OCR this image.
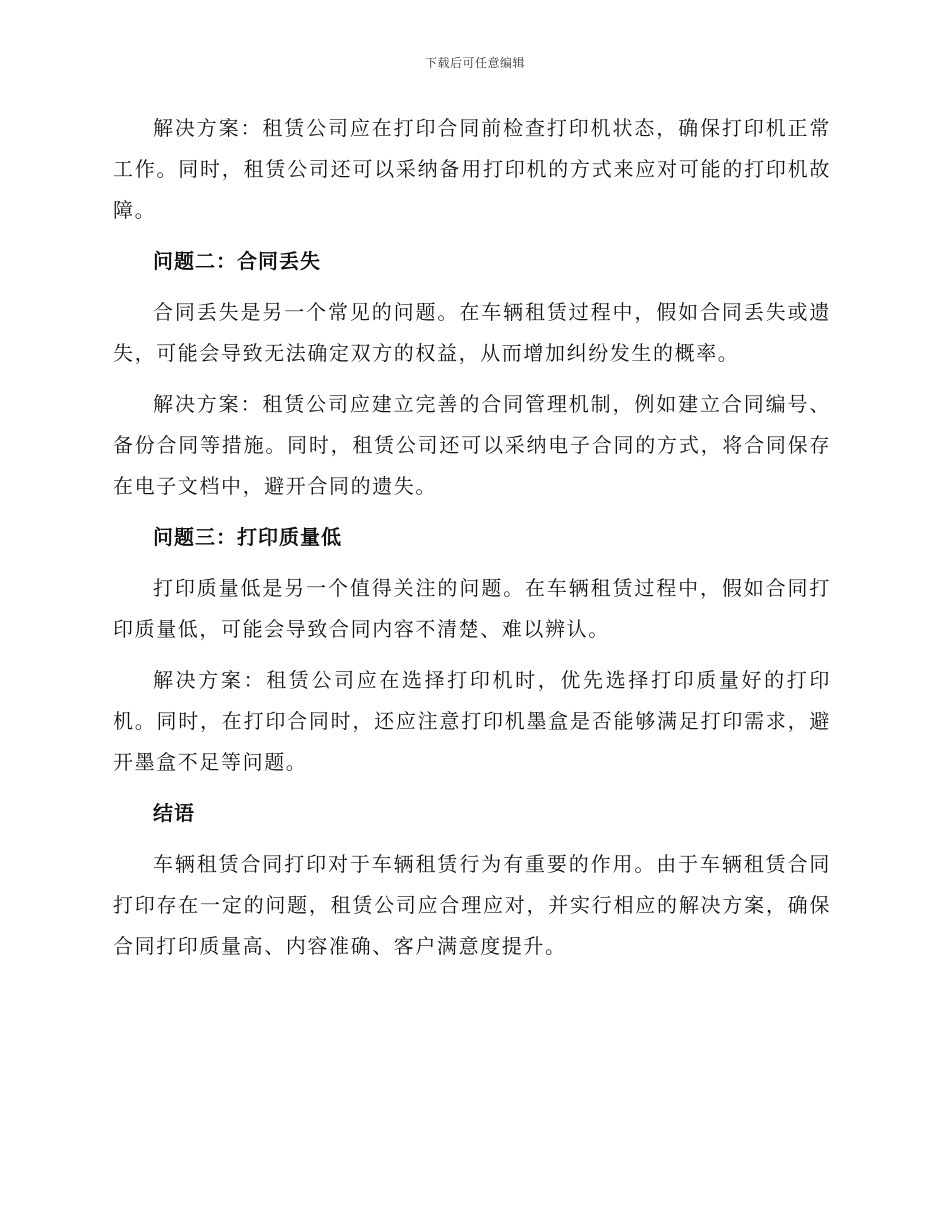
下载后可任意编辑

解决方案：租赁公司应在打印合同前检查打印机状态，确保打印机正常工作。同时，租赁公司还可以采纳备用打印机的方式来应对可能的打印机故障。

问题二：合同丢失

合同丢失是另一个常见的问题。在车辆租赁过程中，假如合同丢失或遗失，可能会导致无法确定双方的权益，从而增加纠纷发生的概率。

解决方案：租赁公司应建立完善的合同管理机制，例如建立合同编号、备份合同等措施。同时，租赁公司还可以采纳电子合同的方式，将合同保存在电子文档中，避开合同的遗失。

问题三：打印质量低

打印质量低是另一个值得关注的问题。在车辆租赁过程中，假如合同打印质量低，可能会导致合同内容不清楚、难以辨认。

解决方案：租赁公司应在选择打印机时，优先选择打印质量好的打印机。同时，在打印合同时，还应注意打印机墨盒是否能够满足打印需求，避开墨盒不足等问题。

结语

车辆租赁合同打印对于车辆租赁行为有重要的作用。由于车辆租赁合同打印存在一定的问题，租赁公司应合理应对，并实行相应的解决方案，确保合同打印质量高、内容准确、客户满意度提升。
